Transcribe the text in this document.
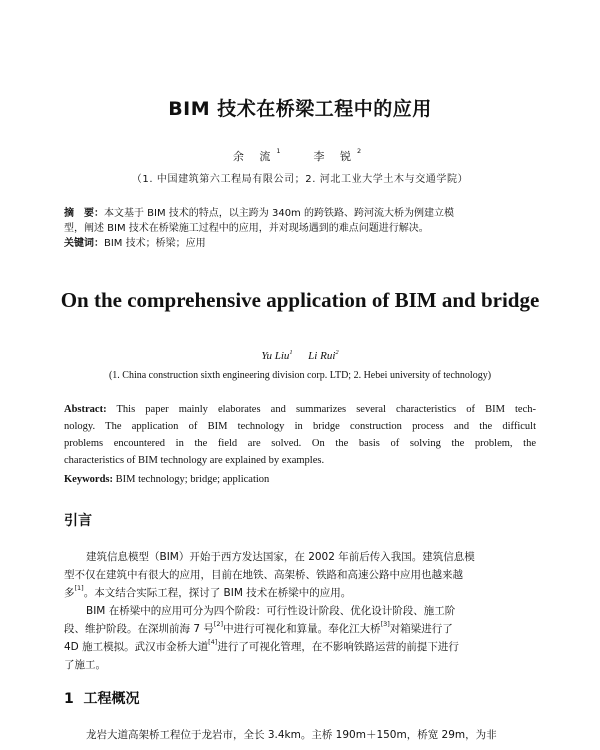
BIM 技术在桥梁工程中的应用
余 流$^1$ 李 锐$^2$
（1. 中国建筑第六工程局有限公司；2. 河北工业大学土木与交通学院）
摘　要：本文基于 BIM 技术的特点，以主跨为 340m 的跨铁路、跨河流大桥为例建立模
型，阐述 BIM 技术在桥梁施工过程中的应用，并对现场遇到的难点问题进行解决。
关键词：BIM 技术；桥梁；应用
On the comprehensive application of BIM and bridge
Yu Liu$^1$ Li Rui$^2$
(1. China construction sixth engineering division corp. LTD; 2. Hebei university of technology)
Abstract: This paper mainly elaborates and summarizes several characteristics of BIM tech-
nology. The application of BIM technology in bridge construction process and the difficult
problems encountered in the field are solved. On the basis of solving the problem, the
characteristics of BIM technology are explained by examples.
Keywords: BIM technology; bridge; application
引言
建筑信息模型（BIM）开始于西方发达国家，在 2002 年前后传入我国。建筑信息模
型不仅在建筑中有很大的应用，目前在地铁、高架桥、铁路和高速公路中应用也越来越
多[1]。本文结合实际工程，探讨了 BIM 技术在桥梁中的应用。
BIM 在桥梁中的应用可分为四个阶段：可行性设计阶段、优化设计阶段、施工阶
段、维护阶段。在深圳前海 7 号[2]中进行可视化和算量。奉化江大桥[3]对箱梁进行了
4D 施工模拟。武汉市金桥大道[4]进行了可视化管理，在不影响铁路运营的前提下进行
了施工。
1 工程概况
龙岩大道高架桥工程位于龙岩市，全长 3.4km。主桥 190m＋150m，桥宽 29m，为非
